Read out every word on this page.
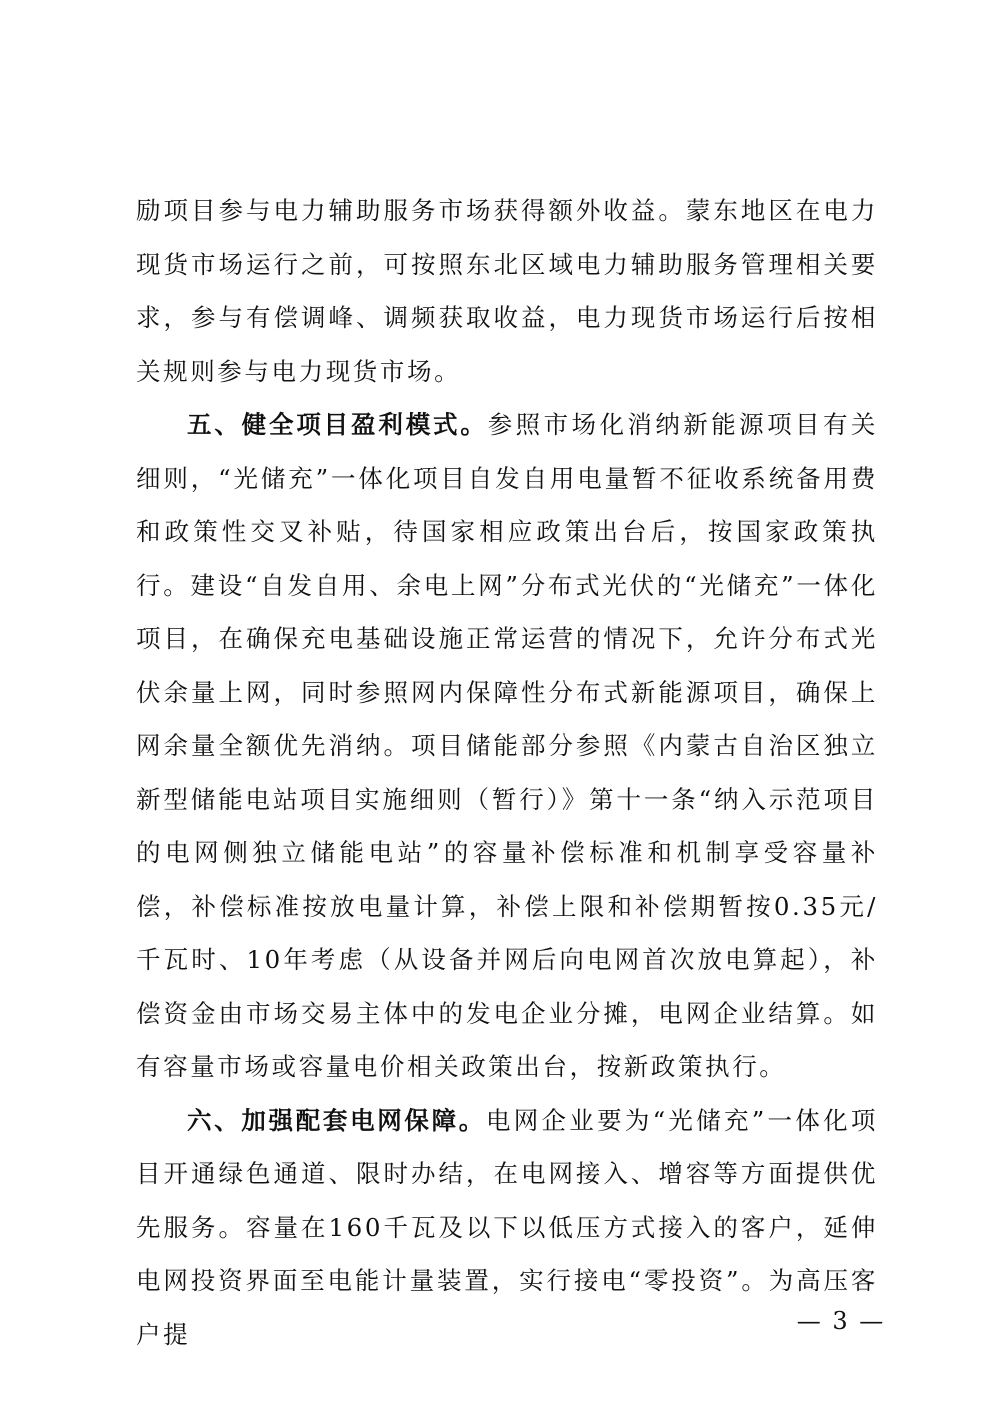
励项目参与电力辅助服务市场获得额外收益。蒙东地区在电力现货市场运行之前，可按照东北区域电力辅助服务管理相关要求，参与有偿调峰、调频获取收益，电力现货市场运行后按相关规则参与电力现货市场。

五、健全项目盈利模式。参照市场化消纳新能源项目有关细则，“光储充”一体化项目自发自用电量暂不征收系统备用费和政策性交叉补贴，待国家相应政策出台后，按国家政策执行。建设“自发自用、余电上网”分布式光伏的“光储充”一体化项目，在确保充电基础设施正常运营的情况下，允许分布式光伏余量上网，同时参照网内保障性分布式新能源项目，确保上网余量全额优先消纳。项目储能部分参照《内蒙古自治区独立新型储能电站项目实施细则（暂行）》第十一条“纳入示范项目的电网侧独立储能电站”的容量补偿标准和机制享受容量补偿，补偿标准按放电量计算，补偿上限和补偿期暂按0.35元/千瓦时、10年考虑（从设备并网后向电网首次放电算起），补偿资金由市场交易主体中的发电企业分摊，电网企业结算。如有容量市场或容量电价相关政策出台，按新政策执行。

六、加强配套电网保障。电网企业要为“光储充”一体化项目开通绿色通道、限时办结，在电网接入、增容等方面提供优先服务。容量在160千瓦及以下以低压方式接入的客户，延伸电网投资界面至电能计量装置，实行接电“零投资”。为高压客户提	— 3 —
